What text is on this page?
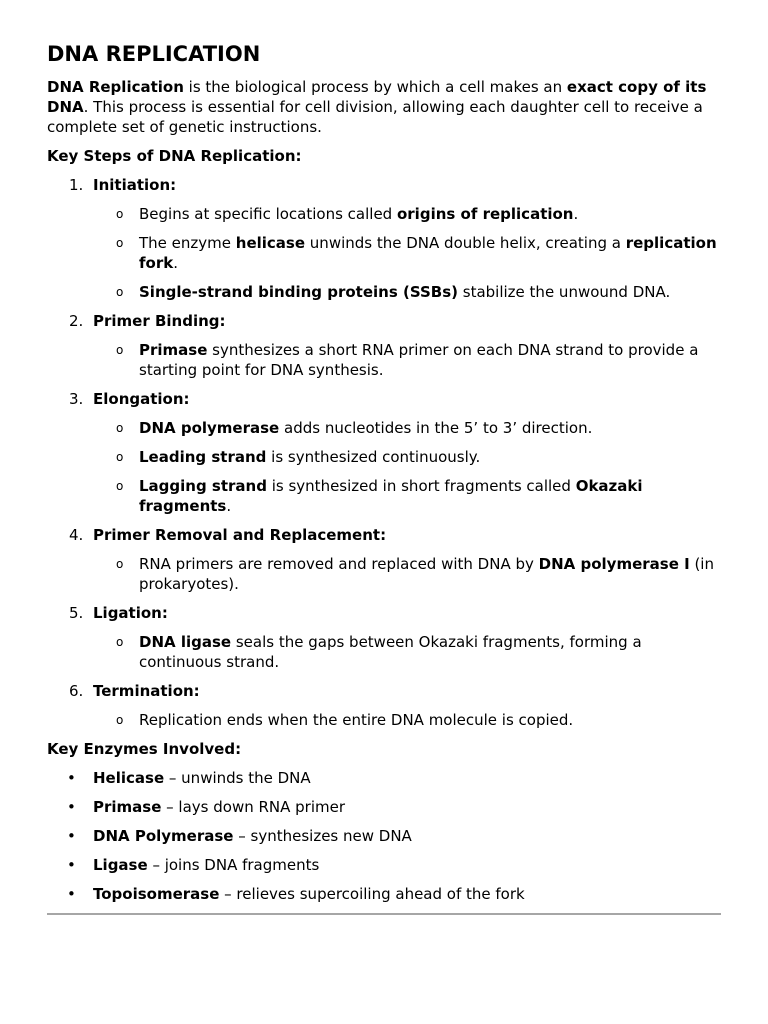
DNA REPLICATION

DNA Replication is the biological process by which a cell makes an exact copy of its DNA. This process is essential for cell division, allowing each daughter cell to receive a complete set of genetic instructions.

Key Steps of DNA Replication:
1. Initiation:
o Begins at specific locations called origins of replication.
o The enzyme helicase unwinds the DNA double helix, creating a replication fork.
o Single-strand binding proteins (SSBs) stabilize the unwound DNA.
2. Primer Binding:
o Primase synthesizes a short RNA primer on each DNA strand to provide a starting point for DNA synthesis.
3. Elongation:
o DNA polymerase adds nucleotides in the 5’ to 3’ direction.
o Leading strand is synthesized continuously.
o Lagging strand is synthesized in short fragments called Okazaki fragments.
4. Primer Removal and Replacement:
o RNA primers are removed and replaced with DNA by DNA polymerase I (in prokaryotes).
5. Ligation:
o DNA ligase seals the gaps between Okazaki fragments, forming a continuous strand.
6. Termination:
o Replication ends when the entire DNA molecule is copied.
Key Enzymes Involved:
• Helicase – unwinds the DNA
• Primase – lays down RNA primer
• DNA Polymerase – synthesizes new DNA
• Ligase – joins DNA fragments
• Topoisomerase – relieves supercoiling ahead of the fork
